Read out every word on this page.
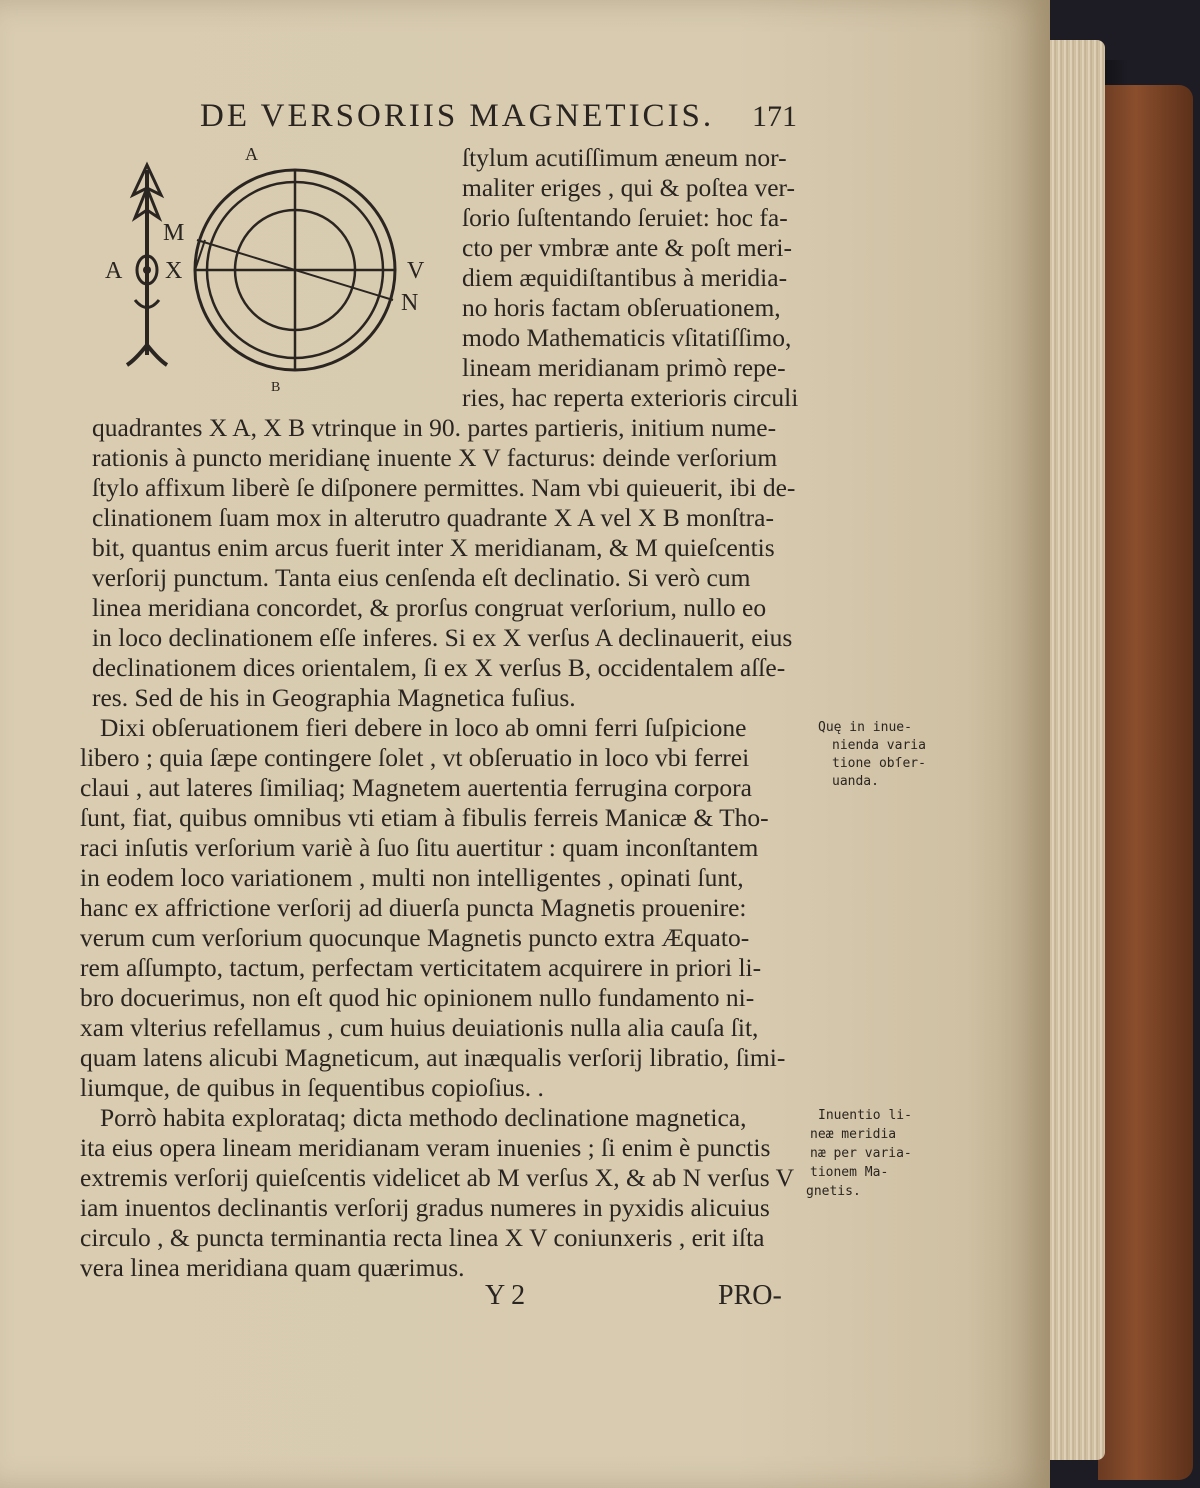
DE VERSORIIS MAGNETICIS. 171
A
M
A X	V
N
B
ſtylum acutiſſimum æneum nor-
maliter eriges , qui & poſtea ver-
ſorio ſuſtentando ſeruiet: hoc fa-
cto per vmbræ ante & poſt meri-
diem æquidiſtantibus à meridia-
no horis factam obſeruationem,
modo Mathematicis vſitatiſſimo,
lineam meridianam primò repe-
ries, hac reperta exterioris circuli
quadrantes X A, X B vtrinque in 90. partes partieris, initium nume-
rationis à puncto meridianę inuente X V facturus: deinde verſorium
ſtylo affixum liberè ſe diſponere permittes. Nam vbi quieuerit, ibi de-
clinationem ſuam mox in alterutro quadrante X A vel X B monſtra-
bit, quantus enim arcus fuerit inter X meridianam, & M quieſcentis
verſorij punctum. Tanta eius cenſenda eſt declinatio. Si verò cum
linea meridiana concordet, & prorſus congruat verſorium, nullo eo
in loco declinationem eſſe inferes. Si ex X verſus A declinauerit, eius
declinationem dices orientalem, ſi ex X verſus B, occidentalem aſſe-
res. Sed de his in Geographia Magnetica fuſius.
Dixi obſeruationem fieri debere in loco ab omni ferri ſuſpicione
libero ; quia ſæpe contingere ſolet , vt obſeruatio in loco vbi ferrei
claui , aut lateres ſimiliaq; Magnetem auertentia ferrugina corpora
ſunt, fiat, quibus omnibus vti etiam à fibulis ferreis Manicæ & Tho-
raci inſutis verſorium variè à ſuo ſitu auertitur : quam inconſtantem
in eodem loco variationem , multi non intelligentes , opinati ſunt,
hanc ex affrictione verſorij ad diuerſa puncta Magnetis prouenire:
verum cum verſorium quocunque Magnetis puncto extra Æquato-
rem aſſumpto, tactum, perfectam verticitatem acquirere in priori li-
bro docuerimus, non eſt quod hic opinionem nullo fundamento ni-
xam vlterius refellamus , cum huius deuiationis nulla alia cauſa ſit,
quam latens alicubi Magneticum, aut inæqualis verſorij libratio, ſimi-
liumque, de quibus in ſequentibus copioſius. .
Porrò habita explorataq; dicta methodo declinatione magnetica,
ita eius opera lineam meridianam veram inuenies ; ſi enim è punctis
extremis verſorij quieſcentis videlicet ab M verſus X, & ab N verſus V
iam inuentos declinantis verſorij gradus numeres in pyxidis alicuius
circulo , & puncta terminantia recta linea X V coniunxeris , erit iſta
vera linea meridiana quam quærimus.
Quę in inue-
nienda varia
tione obſer-
uanda.
Inuentio li-
neæ meridia
næ per varia-
tionem Ma-
gnetis.
Y 2	PRO-
